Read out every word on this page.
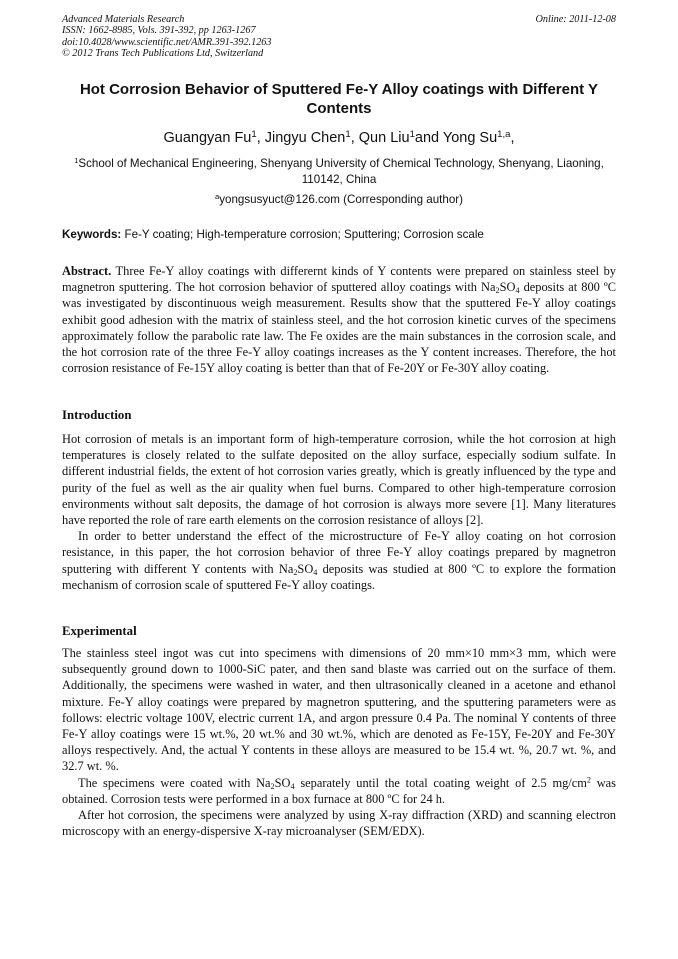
Advanced Materials Research
ISSN: 1662-8985, Vols. 391-392, pp 1263-1267
doi:10.4028/www.scientific.net/AMR.391-392.1263
© 2012 Trans Tech Publications Ltd, Switzerland
Online: 2011-12-08
Hot Corrosion Behavior of Sputtered Fe-Y Alloy coatings with Different Y Contents
Guangyan Fu$^1$, Jingyu Chen$^1$, Qun Liu$^1$and Yong Su$^{1,a}$,
$^1$School of Mechanical Engineering, Shenyang University of Chemical Technology, Shenyang, Liaoning, 110142, China
$^a$yongsusyuct@126.com (Corresponding author)
Keywords: Fe-Y coating; High-temperature corrosion; Sputtering; Corrosion scale

Abstract. Three Fe-Y alloy coatings with differernt kinds of Y contents were prepared on stainless steel by magnetron sputtering. The hot corrosion behavior of sputtered alloy coatings with $Na_2SO_4$ deposits at 800 ºC was investigated by discontinuous weigh measurement. Results show that the sputtered Fe-Y alloy coatings exhibit good adhesion with the matrix of stainless steel, and the hot corrosion kinetic curves of the specimens approximately follow the parabolic rate law. The Fe oxides are the main substances in the corrosion scale, and the hot corrosion rate of the three Fe-Y alloy coatings increases as the Y content increases. Therefore, the hot corrosion resistance of Fe-15Y alloy coating is better than that of Fe-20Y or Fe-30Y alloy coating.

Introduction

Hot corrosion of metals is an important form of high-temperature corrosion, while the hot corrosion at high temperatures is closely related to the sulfate deposited on the alloy surface, especially sodium sulfate. In different industrial fields, the extent of hot corrosion varies greatly, which is greatly influenced by the type and purity of the fuel as well as the air quality when fuel burns. Compared to other high-temperature corrosion environments without salt deposits, the damage of hot corrosion is always more severe [1]. Many literatures have reported the role of rare earth elements on the corrosion resistance of alloys [2].

In order to better understand the effect of the microstructure of Fe-Y alloy coating on hot corrosion resistance, in this paper, the hot corrosion behavior of three Fe-Y alloy coatings prepared by magnetron sputtering with different Y contents with $Na_2SO_4$ deposits was studied at 800 ºC to explore the formation mechanism of corrosion scale of sputtered Fe-Y alloy coatings.

Experimental

The stainless steel ingot was cut into specimens with dimensions of 20 mm×10 mm×3 mm, which were subsequently ground down to 1000-SiC pater, and then sand blaste was carried out on the surface of them. Additionally, the specimens were washed in water, and then ultrasonically cleaned in a acetone and ethanol mixture. Fe-Y alloy coatings were prepared by magnetron sputtering, and the sputtering parameters were as follows: electric voltage 100V, electric current 1A, and argon pressure 0.4 Pa. The nominal Y contents of three Fe-Y alloy coatings were 15 wt.%, 20 wt.% and 30 wt.%, which are denoted as Fe-15Y, Fe-20Y and Fe-30Y alloys respectively. And, the actual Y contents in these alloys are measured to be 15.4 wt. %, 20.7 wt. %, and 32.7 wt. %.

The specimens were coated with $Na_2SO_4$ separately until the total coating weight of 2.5 $mg/cm^2$ was obtained. Corrosion tests were performed in a box furnace at 800 ºC for 24 h.

After hot corrosion, the specimens were analyzed by using X-ray diffraction (XRD) and scanning electron microscopy with an energy-dispersive X-ray microanalyser (SEM/EDX).
